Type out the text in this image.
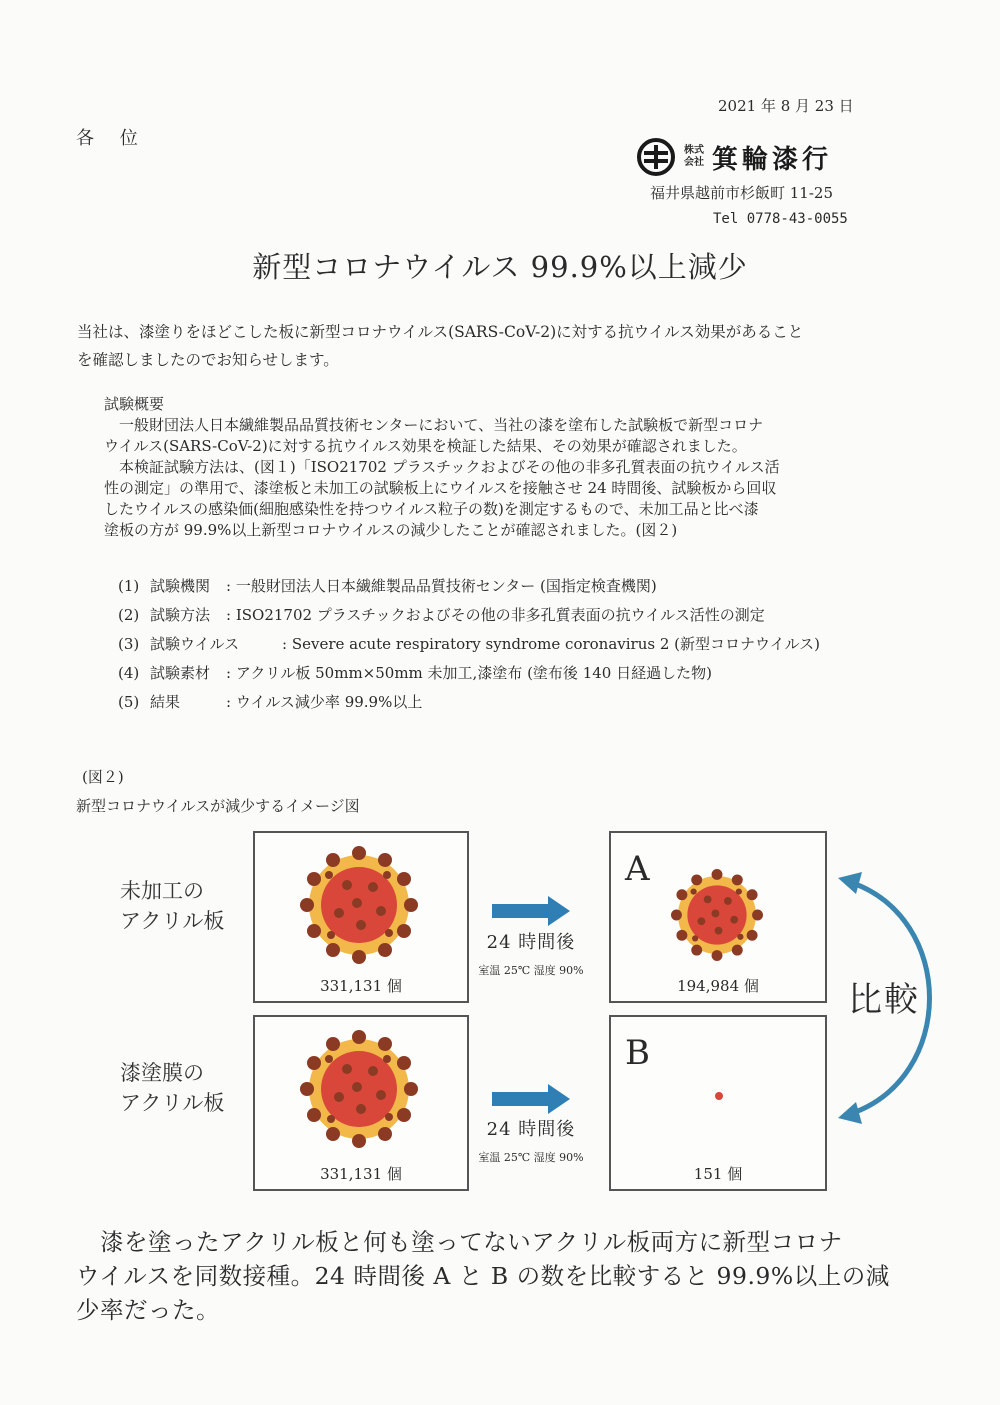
2021 年 8 月 23 日
各 位
株式会社 箕輪漆行
福井県越前市杉飯町 11-25
Tel 0778-43-0055
新型コロナウイルス 99.9%以上減少
当社は、漆塗りをほどこした板に新型コロナウイルス(SARS-CoV-2)に対する抗ウイルス効果があること
を確認しましたのでお知らせします。
試験概要
一般財団法人日本繊維製品品質技術センターにおいて、当社の漆を塗布した試験板で新型コロナ
ウイルス(SARS-CoV-2)に対する抗ウイルス効果を検証した結果、その効果が確認されました。
本検証試験方法は、(図１)「ISO21702 プラスチックおよびその他の非多孔質表面の抗ウイルス活
性の測定」の準用で、漆塗板と未加工の試験板上にウイルスを接触させ 24 時間後、試験板から回収
したウイルスの感染価(細胞感染性を持つウイルス粒子の数)を測定するもので、未加工品と比べ漆
塗板の方が 99.9%以上新型コロナウイルスの減少したことが確認されました。(図２)
(1) 試験機関	: 一般財団法人日本繊維製品品質技術センター (国指定検査機関)
(2) 試験方法	: ISO21702 プラスチックおよびその他の非多孔質表面の抗ウイルス活性の測定
(3) 試験ウイルス	: Severe acute respiratory syndrome coronavirus 2 (新型コロナウイルス)
(4) 試験素材	: アクリル板 50mm×50mm 未加工,漆塗布 (塗布後 140 日経過した物)
(5) 結果	: ウイルス減少率 99.9%以上
(図２)
新型コロナウイルスが減少するイメージ図
未加工の
アクリル板
331,131 個
24 時間後
室温 25℃ 湿度 90%
A
194,984 個
漆塗膜の
アクリル板
331,131 個
24 時間後
室温 25℃ 湿度 90%
B
151 個
比較
漆を塗ったアクリル板と何も塗ってないアクリル板両方に新型コロナ
ウイルスを同数接種。24 時間後 A と B の数を比較すると 99.9%以上の減
少率だった。
